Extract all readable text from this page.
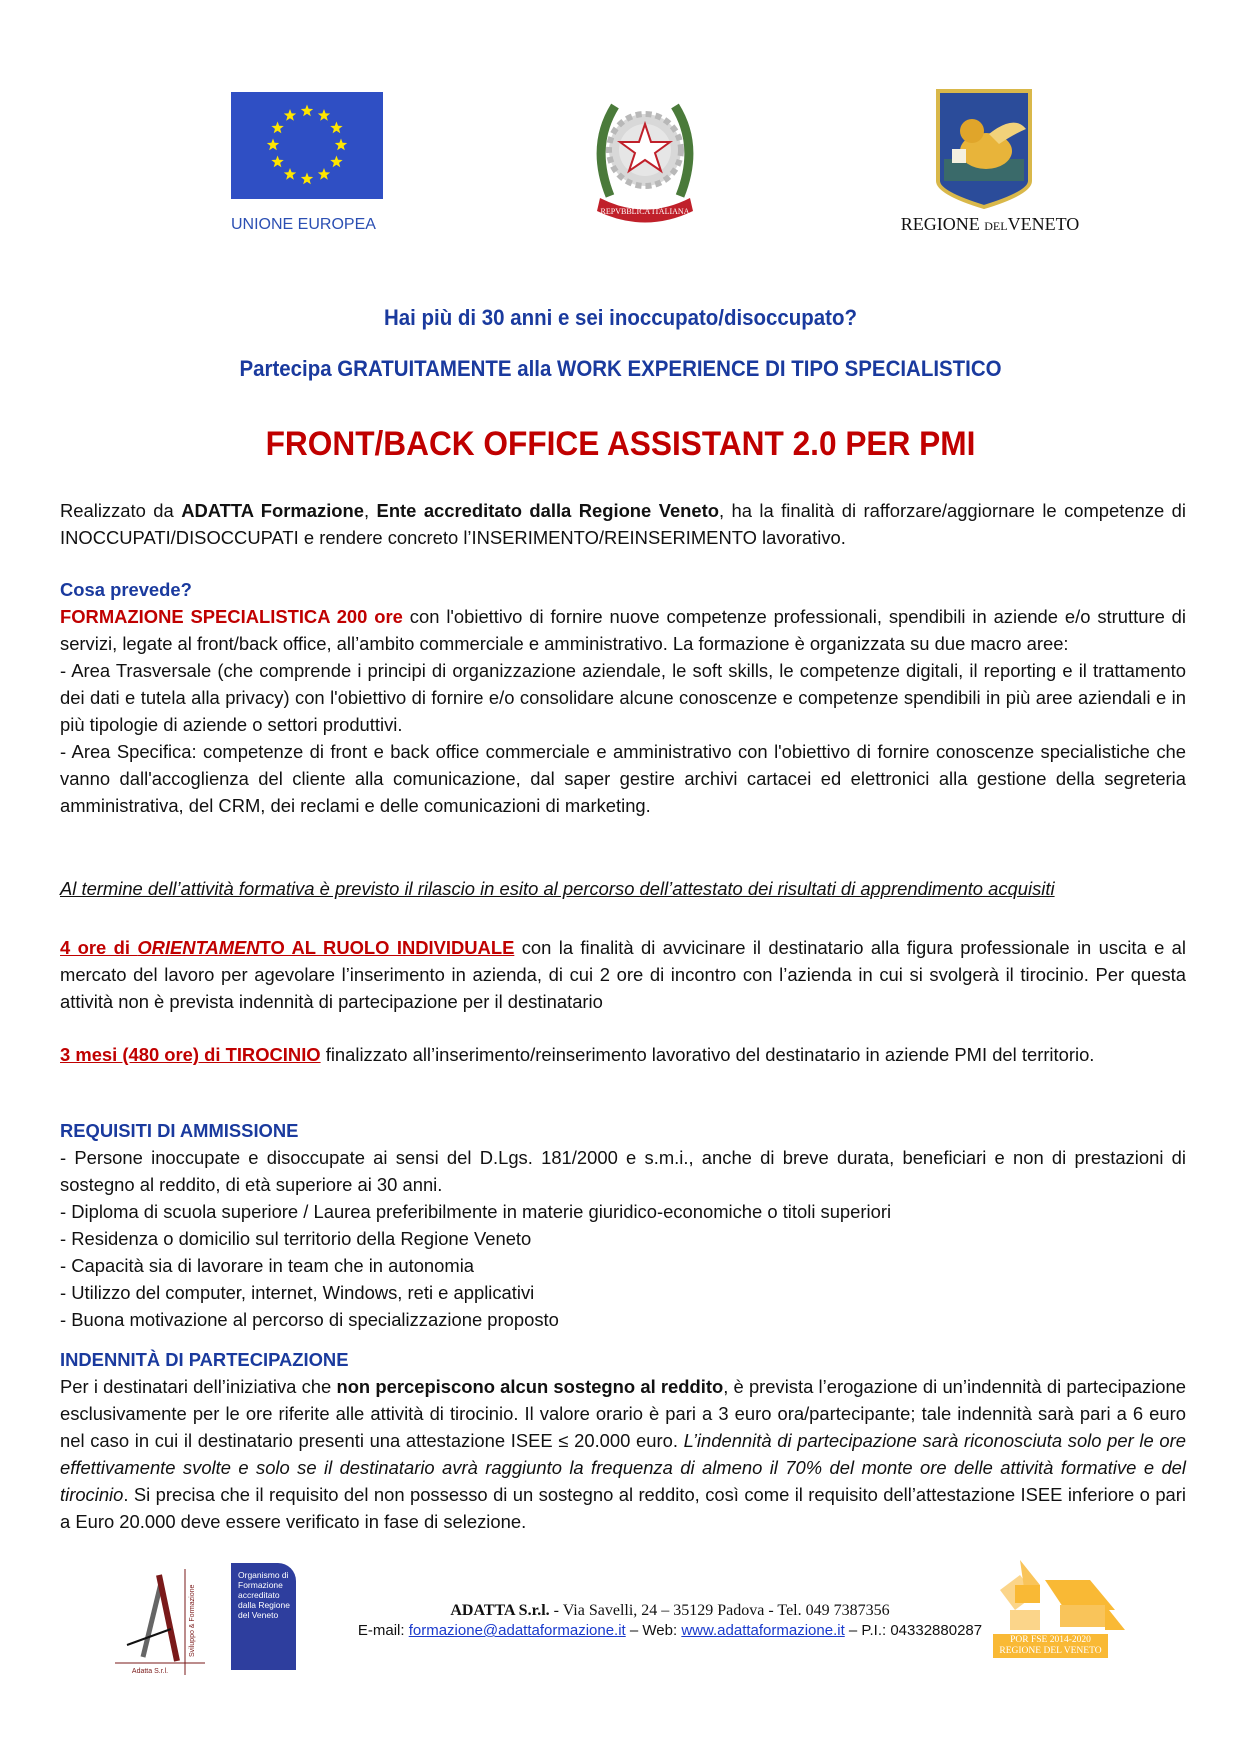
UNIONE EUROPEA
REPVBBLICA ITALIANA
REGIONE DELVENETO
Hai più di 30 anni e sei inoccupato/disoccupato?
Partecipa GRATUITAMENTE alla WORK EXPERIENCE DI TIPO SPECIALISTICO
FRONT/BACK OFFICE ASSISTANT 2.0 PER PMI

Realizzato da ADATTA Formazione, Ente accreditato dalla Regione Veneto, ha la finalità di rafforzare/aggiornare le competenze di INOCCUPATI/DISOCCUPATI e rendere concreto l’INSERIMENTO/REINSERIMENTO lavorativo.

Cosa prevede?

FORMAZIONE SPECIALISTICA 200 ore con l'obiettivo di fornire nuove competenze professionali, spendibili in aziende e/o strutture di servizi, legate al front/back office, all’ambito commerciale e amministrativo. La formazione è organizzata su due macro aree:

- Area Trasversale (che comprende i principi di organizzazione aziendale, le soft skills, le competenze digitali, il reporting e il trattamento dei dati e tutela alla privacy) con l'obiettivo di fornire e/o consolidare alcune conoscenze e competenze spendibili in più aree aziendali e in più tipologie di aziende o settori produttivi.

- Area Specifica: competenze di front e back office commerciale e amministrativo con l'obiettivo di fornire conoscenze specialistiche che vanno dall'accoglienza del cliente alla comunicazione, dal saper gestire archivi cartacei ed elettronici alla gestione della segreteria amministrativa, del CRM, dei reclami e delle comunicazioni di marketing.

Al termine dell’attività formativa è previsto il rilascio in esito al percorso dell’attestato dei risultati di apprendimento acquisiti

4 ore di ORIENTAMENTO AL RUOLO INDIVIDUALE con la finalità di avvicinare il destinatario alla figura professionale in uscita e al mercato del lavoro per agevolare l’inserimento in azienda, di cui 2 ore di incontro con l’azienda in cui si svolgerà il tirocinio. Per questa attività non è prevista indennità di partecipazione per il destinatario

3 mesi (480 ore) di TIROCINIO finalizzato all’inserimento/reinserimento lavorativo del destinatario in aziende PMI del territorio.

REQUISITI DI AMMISSIONE

- Persone inoccupate e disoccupate ai sensi del D.Lgs. 181/2000 e s.m.i., anche di breve durata, beneficiari e non di prestazioni di sostegno al reddito, di età superiore ai 30 anni.

- Diploma di scuola superiore / Laurea preferibilmente in materie giuridico-economiche o titoli superiori

- Residenza o domicilio sul territorio della Regione Veneto

- Capacità sia di lavorare in team che in autonomia

- Utilizzo del computer, internet, Windows, reti e applicativi

- Buona motivazione al percorso di specializzazione proposto

INDENNITÀ DI PARTECIPAZIONE

Per i destinatari dell’iniziativa che non percepiscono alcun sostegno al reddito, è prevista l’erogazione di un’indennità di partecipazione esclusivamente per le ore riferite alle attività di tirocinio. Il valore orario è pari a 3 euro ora/partecipante; tale indennità sarà pari a 6 euro nel caso in cui il destinatario presenti una attestazione ISEE ≤ 20.000 euro. L’indennità di partecipazione sarà riconosciuta solo per le ore effettivamente svolte e solo se il destinatario avrà raggiunto la frequenza di almeno il 70% del monte ore delle attività formative e del tirocinio. Si precisa che il requisito del non possesso di un sostegno al reddito, così come il requisito dell’attestazione ISEE inferiore o pari a Euro 20.000 deve essere verificato in fase di selezione.

Adatta S.r.l.
Sviluppo & Formazione
Organismo di Formazione accreditato dalla Regione del Veneto	ADATTA S.r.l. - Via Savelli, 24 – 35129 Padova - Tel. 049 7387356
E-mail: formazione@adattaformazione.it – Web: www.adattaformazione.it – P.I.: 04332880287
POR FSE 2014-2020
REGIONE DEL VENETO
